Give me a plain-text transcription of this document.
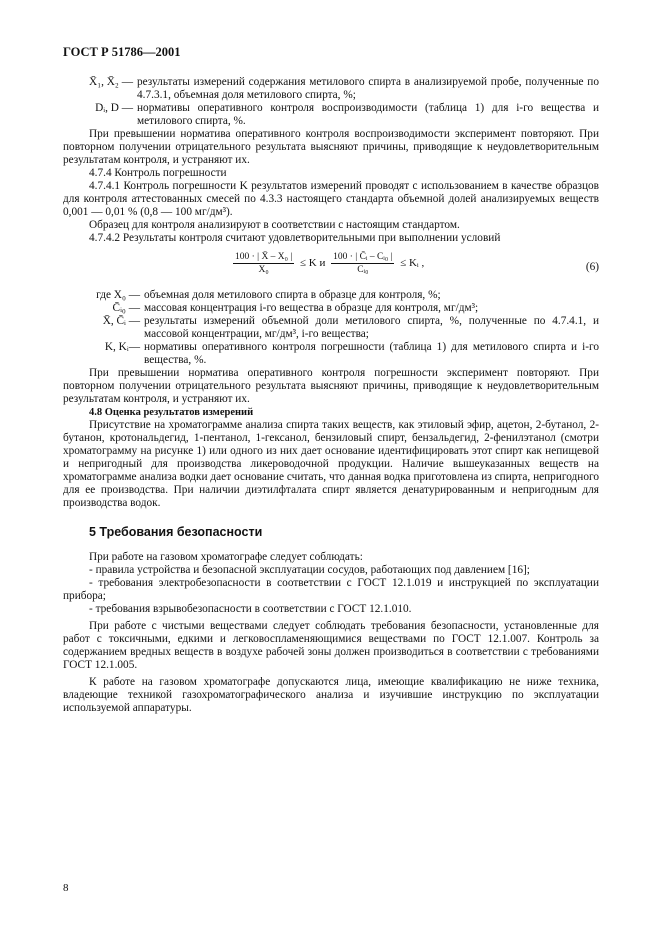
ГОСТ Р 51786—2001
X̄₁, X̄₂ — результаты измерений содержания метилового спирта в анализируемой пробе, полученные по 4.7.3.1, объемная доля метилового спирта, %;
Dᵢ, D — нормативы оперативного контроля воспроизводимости (таблица 1) для i-го вещества и метилового спирта, %.

При превышении норматива оперативного контроля воспроизводимости эксперимент повторяют. При повторном получении отрицательного результата выясняют причины, приводящие к неудовлетворительным результатам контроля, и устраняют их.

4.7.4 Контроль погрешности

4.7.4.1 Контроль погрешности K результатов измерений проводят с использованием в качестве образцов для контроля аттестованных смесей по 4.3.3 настоящего стандарта объемной долей анализируемых веществ 0,001 — 0,01 % (0,8 — 100 мг/дм³).

Образец для контроля анализируют в соответствии с настоящим стандартом.

4.7.4.2 Результаты контроля считают удовлетворительными при выполнении условий

$\frac{\text{100 · | X̄ – X₀ |}}{\text{X₀}} \le K$ и $\frac{\text{100 · | C̄ᵢ – Cᵢ₀ |}}{\text{Cᵢ₀}}$ ≤ Kᵢ ,	(6)
где X₀ — объемная доля метилового спирта в образце для контроля, %;
C̄ᵢ₀ — массовая концентрация i-го вещества в образце для контроля, мг/дм³;
X̄, C̄ᵢ — результаты измерений объемной доли метилового спирта, %, полученные по 4.7.4.1, и массовой концентрации, мг/дм³, i-го вещества;
K, Kᵢ— нормативы оперативного контроля погрешности (таблица 1) для метилового спирта и i-го вещества, %.

При превышении норматива оперативного контроля погрешности эксперимент повторяют. При повторном получении отрицательного результата выясняют причины, приводящие к неудовлетворительным результатам контроля, и устраняют их.

4.8 Оценка результатов измерений

Присутствие на хроматограмме анализа спирта таких веществ, как этиловый эфир, ацетон, 2-бутанол, 2-бутанон, кротональдегид, 1-пентанол, 1-гексанол, бензиловый спирт, бензальдегид, 2-фенилэтанол (смотри хроматограмму на рисунке 1) или одного из них дает основание идентифицировать этот спирт как непищевой и непригодный для производства ликероводочной продукции. Наличие вышеуказанных веществ на хроматограмме анализа водки дает основание считать, что данная водка приготовлена из спирта, непригодного для ее производства. При наличии диэтилфталата спирт является денатурированным и непригодным для производства водок.

5 Требования безопасности

При работе на газовом хроматографе следует соблюдать:

- правила устройства и безопасной эксплуатации сосудов, работающих под давлением [16];

- требования электробезопасности в соответствии с ГОСТ 12.1.019 и инструкцией по эксплуатации прибора;

- требования взрывобезопасности в соответствии с ГОСТ 12.1.010.

При работе с чистыми веществами следует соблюдать требования безопасности, установленные для работ с токсичными, едкими и легковоспламеняющимися веществами по ГОСТ 12.1.007. Контроль за содержанием вредных веществ в воздухе рабочей зоны должен производиться в соответствии с требованиями ГОСТ 12.1.005.

К работе на газовом хроматографе допускаются лица, имеющие квалификацию не ниже техника, владеющие техникой газохроматографического анализа и изучившие инструкцию по эксплуатации используемой аппаратуры.

8
